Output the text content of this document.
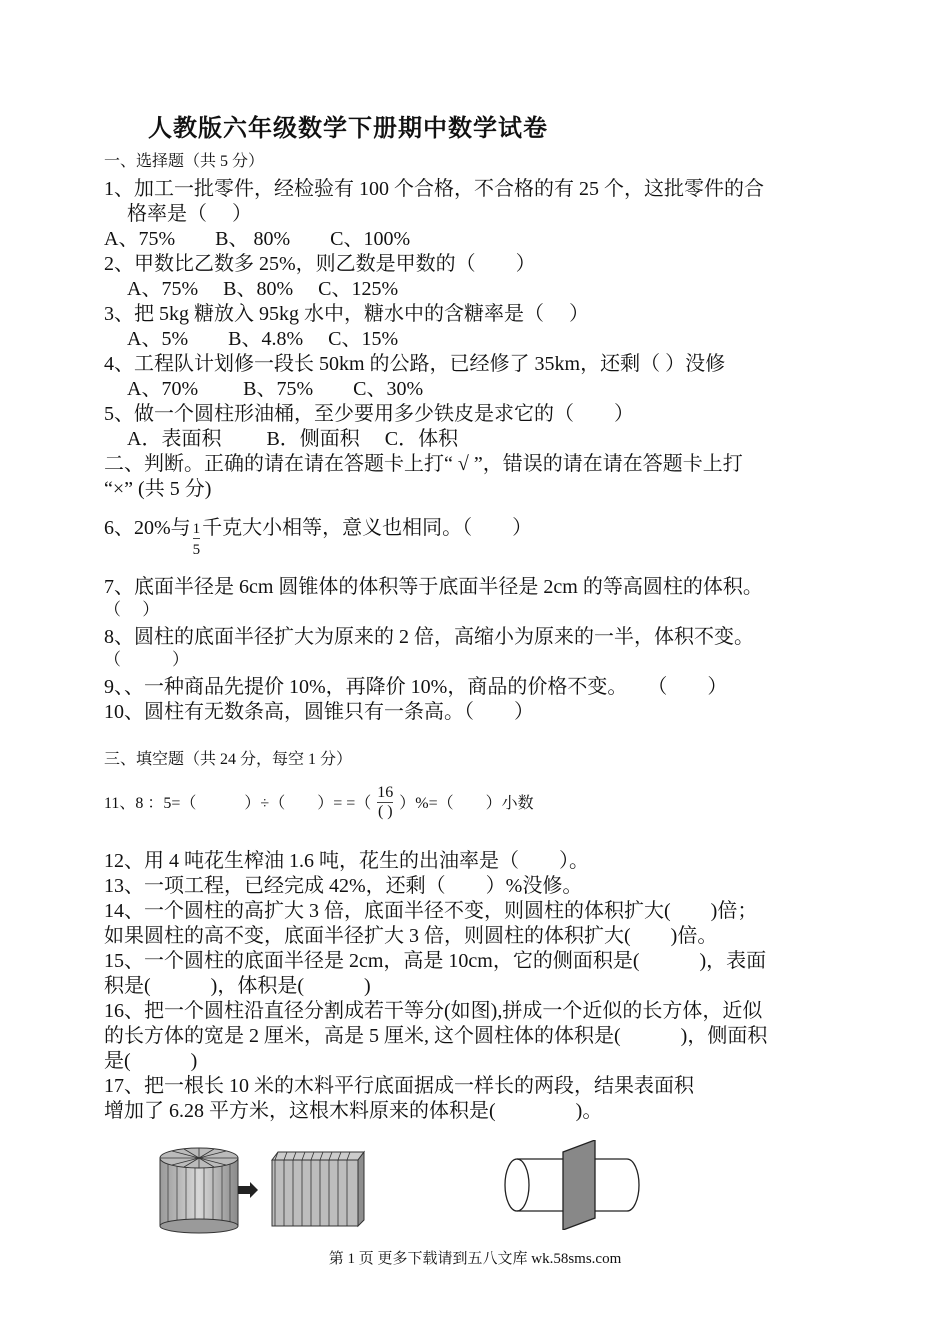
人教版六年级数学下册期中数学试卷
一、选择题（共 5 分）
1、加工一批零件，经检验有 100 个合格，不合格的有 25 个，这批零件的合
格率是（　 ）
A、75%　　B、 80%　　C、100%
2、甲数比乙数多 25%，则乙数是甲数的（　　）
A、75%　 B、80%　 C、125%
3、把 5kg 糖放入 95kg 水中，糖水中的含糖率是（　 ）
A、5%　　B、4.8%　 C、15%
4、工程队计划修一段长 50km 的公路，已经修了 35km，还剩（ ）没修
A、70%　　 B、75%　　C、30%
5、做一个圆柱形油桶，至少要用多少铁皮是求它的（　　）
A．表面积　　 B．侧面积　 C．体积
二、判断。正确的请在请在答题卡上打“ √ ”，错误的请在请在答题卡上打
“×” (共 5 分)
6、20%与 $\frac{1}{5}$ 千克大小相等，意义也相同。（　　）
7、底面半径是 6cm 圆锥体的体积等于底面半径是 2cm 的等高圆柱的体积。
（　 ）
8、圆柱的底面半径扩大为原来的 2 倍，高缩小为原来的一半，体积不变。
（　　　）
9、、一种商品先提价 10%，再降价 10%，商品的价格不变。　　（　　）
10、圆柱有无数条高，圆锥只有一条高。（　　）
三、填空题（共 24 分，每空 1 分）
11、8 ：5=（　　　）÷（　　）= =（ $\frac{16}{( )}$ ）%=（　　）小数
12、用 4 吨花生榨油 1.6 吨，花生的出油率是（　　）。
13、一项工程，已经完成 42%，还剩（　　）%没修。
14、一个圆柱的高扩大 3 倍，底面半径不变，则圆柱的体积扩大(　　)倍；
如果圆柱的高不变，底面半径扩大 3 倍，则圆柱的体积扩大(　　)倍。
15、一个圆柱的底面半径是 2cm，高是 10cm，它的侧面积是(　　　)，表面
积是(　　　)，体积是(　　　)
16、把一个圆柱沿直径分割成若干等分(如图),拼成一个近似的长方体，近似
的长方体的宽是 2 厘米，高是 5 厘米, 这个圆柱体的体积是(　　　)，侧面积
是(　　　)
17、把一根长 10 米的木料平行底面据成一样长的两段，结果表面积
增加了 6.28 平方米，这根木料原来的体积是(　　　　)。
第 1 页 更多下载请到五八文库 wk.58sms.com
